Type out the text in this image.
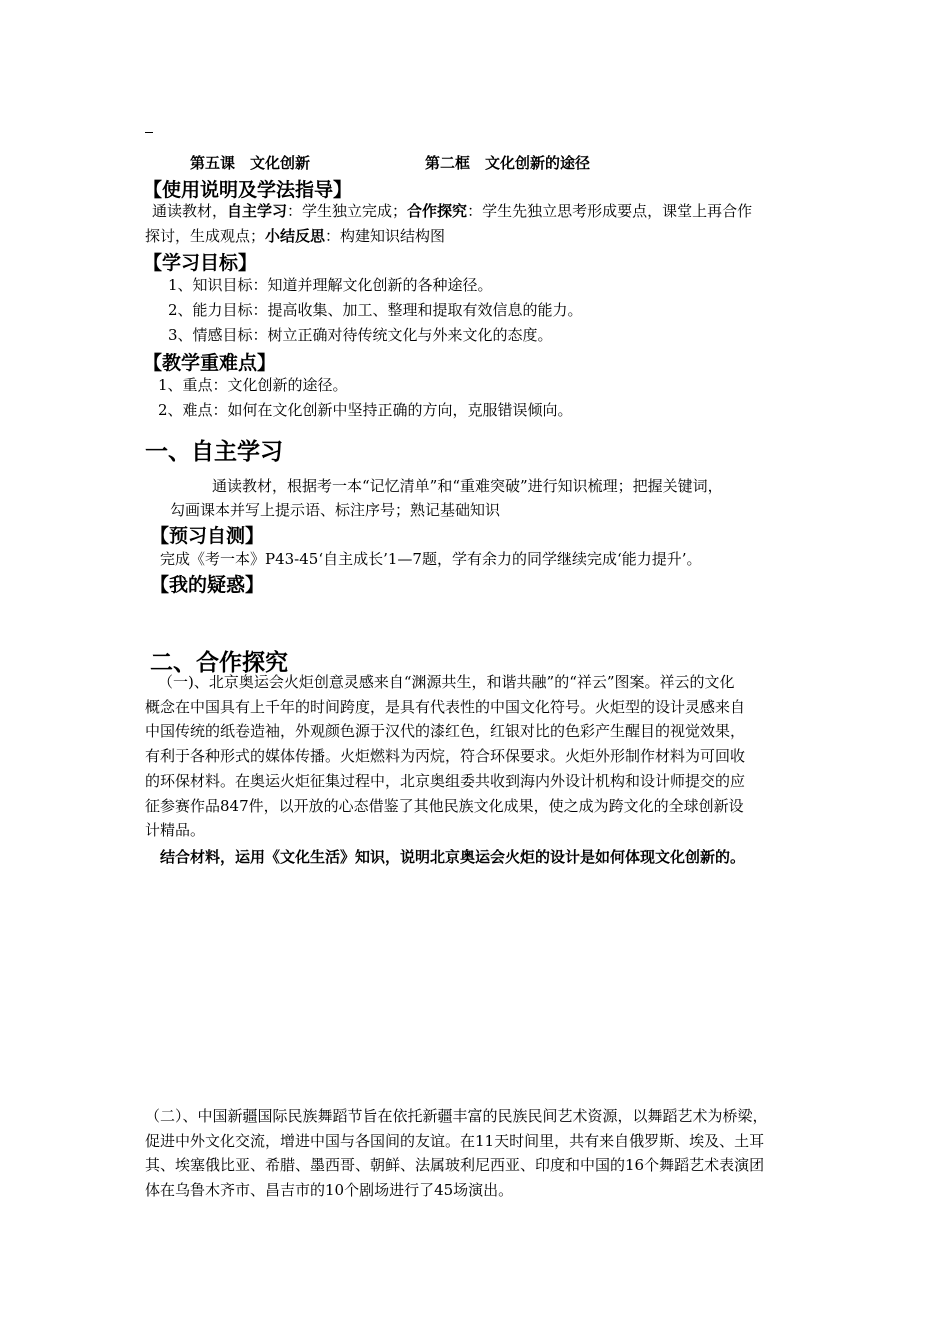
第五课　文化创新	第二框　文化创新的途径
【使用说明及学法指导】
通读教材，自主学习：学生独立完成；合作探究：学生先独立思考形成要点，课堂上再合作
探讨，生成观点；小结反思：构建知识结构图
【学习目标】
1、知识目标：知道并理解文化创新的各种途径。
2、能力目标：提高收集、加工、整理和提取有效信息的能力。
3、情感目标：树立正确对待传统文化与外来文化的态度。
【教学重难点】
1、重点：文化创新的途径。
2、难点：如何在文化创新中坚持正确的方向，克服错误倾向。
一、自主学习
通读教材，根据考一本“记忆清单”和“重难突破”进行知识梳理；把握关键词，
勾画课本并写上提示语、标注序号；熟记基础知识
【预习自测】
完成《考一本》P43-45‘自主成长’1—7题，学有余力的同学继续完成‘能力提升’。
【我的疑惑】
二、合作探究
（一)、北京奥运会火炬创意灵感来自“渊源共生，和谐共融”的“祥云”图案。祥云的文化
概念在中国具有上千年的时间跨度，是具有代表性的中国文化符号。火炬型的设计灵感来自
中国传统的纸卷造袖，外观颜色源于汉代的漆红色，红银对比的色彩产生醒目的视觉效果，
有利于各种形式的媒体传播。火炬燃料为丙烷，符合环保要求。火炬外形制作材料为可回收
的环保材料。在奥运火炬征集过程中，北京奥组委共收到海内外设计机构和设计师提交的应
征参赛作品847件，以开放的心态借鉴了其他民族文化成果，使之成为跨文化的全球创新设
计精品。
结合材料，运用《文化生活》知识，说明北京奥运会火炬的设计是如何体现文化创新的。
（二）、中国新疆国际民族舞蹈节旨在依托新疆丰富的民族民间艺术资源，以舞蹈艺术为桥梁，
促进中外文化交流，增进中国与各国间的友谊。在11天时间里，共有来自俄罗斯、埃及、土耳
其、埃塞俄比亚、希腊、墨西哥、朝鲜、法属玻利尼西亚、印度和中国的16个舞蹈艺术表演团
体在乌鲁木齐市、昌吉市的10个剧场进行了45场演出。
